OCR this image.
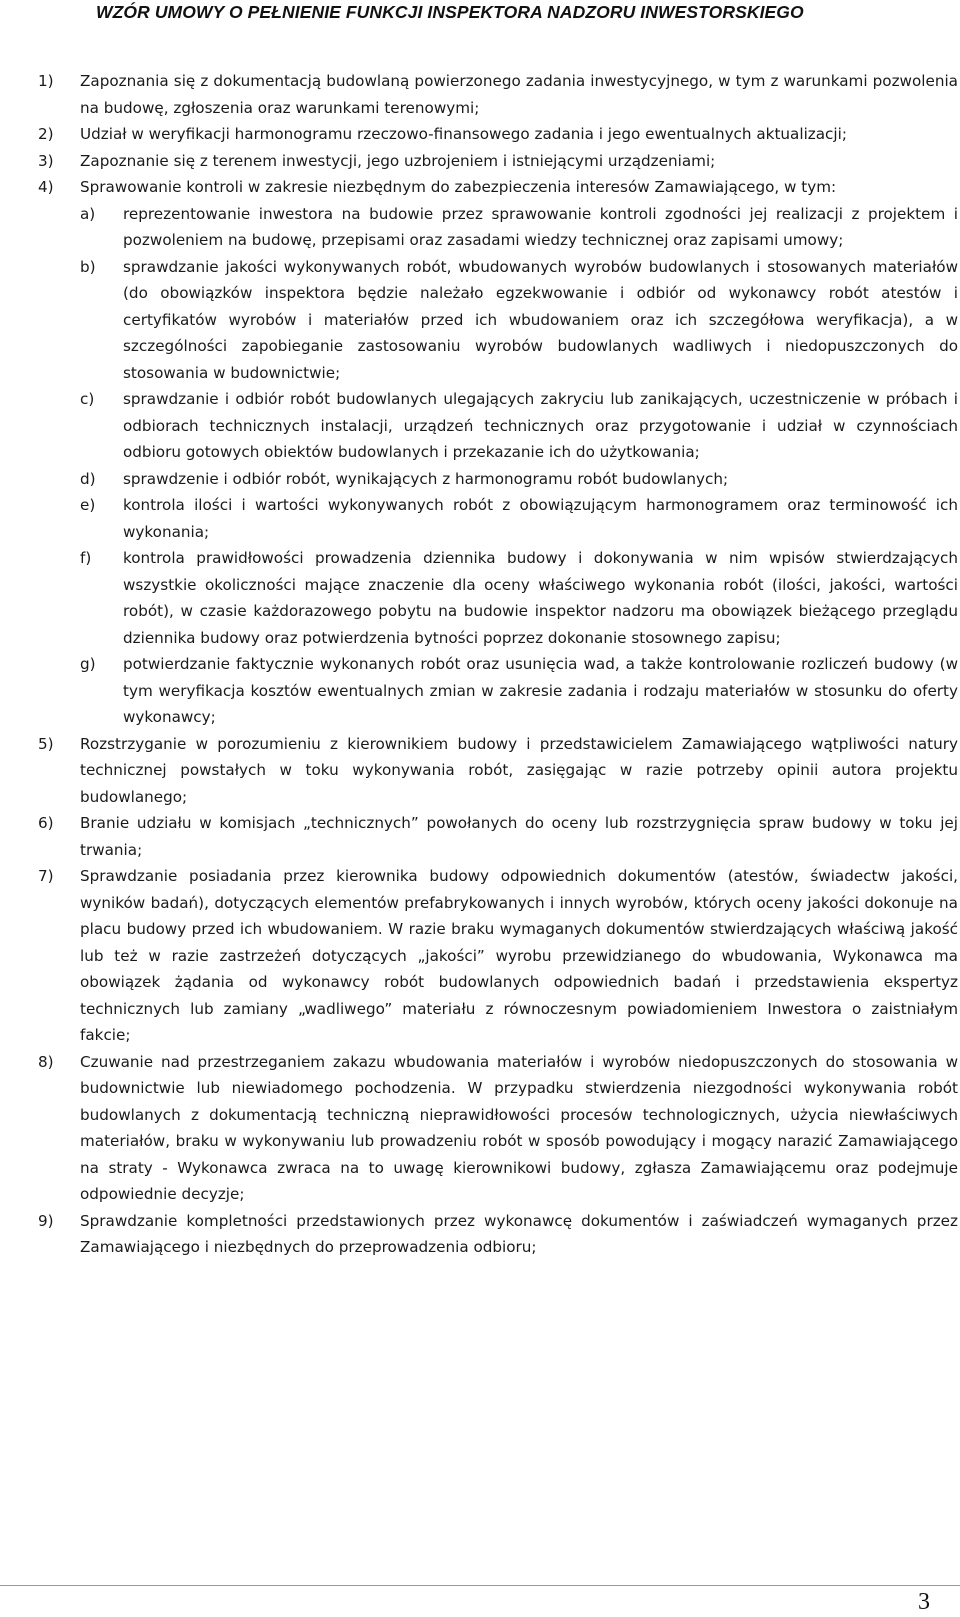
WZÓR UMOWY O PEŁNIENIE FUNKCJI INSPEKTORA NADZORU INWESTORSKIEGO

1) Zapoznania się z dokumentacją budowlaną powierzonego zadania inwestycyjnego, w tym z warunkami pozwolenia na budowę, zgłoszenia oraz warunkami terenowymi;

2) Udział w weryfikacji harmonogramu rzeczowo-finansowego zadania i jego ewentualnych aktualizacji;

3) Zapoznanie się z terenem inwestycji, jego uzbrojeniem i istniejącymi urządzeniami;

4) Sprawowanie kontroli w zakresie niezbędnym do zabezpieczenia interesów Zamawiającego, w tym:

a) reprezentowanie inwestora na budowie przez sprawowanie kontroli zgodności jej realizacji z projektem i pozwoleniem na budowę, przepisami oraz zasadami wiedzy technicznej oraz zapisami umowy;

b) sprawdzanie jakości wykonywanych robót, wbudowanych wyrobów budowlanych i stosowanych materiałów (do obowiązków inspektora będzie należało egzekwowanie i odbiór od wykonawcy robót atestów i certyfikatów wyrobów i materiałów przed ich wbudowaniem oraz ich szczegółowa weryfikacja), a w szczególności zapobieganie zastosowaniu wyrobów budowlanych wadliwych i niedopuszczonych do stosowania w budownictwie;

c) sprawdzanie i odbiór robót budowlanych ulegających zakryciu lub zanikających, uczestniczenie w próbach i odbiorach technicznych instalacji, urządzeń technicznych oraz przygotowanie i udział w czynnościach odbioru gotowych obiektów budowlanych i przekazanie ich do użytkowania;

d) sprawdzenie i odbiór robót, wynikających z harmonogramu robót budowlanych;

e) kontrola ilości i wartości wykonywanych robót z obowiązującym harmonogramem oraz terminowość ich wykonania;

f) kontrola prawidłowości prowadzenia dziennika budowy i dokonywania w nim wpisów stwierdzających wszystkie okoliczności mające znaczenie dla oceny właściwego wykonania robót (ilości, jakości, wartości robót), w czasie każdorazowego pobytu na budowie inspektor nadzoru ma obowiązek bieżącego przeglądu dziennika budowy oraz potwierdzenia bytności poprzez dokonanie stosownego zapisu;

g) potwierdzanie faktycznie wykonanych robót oraz usunięcia wad, a także kontrolowanie rozliczeń budowy (w tym weryfikacja kosztów ewentualnych zmian w zakresie zadania i rodzaju materiałów w stosunku do oferty wykonawcy;

5) Rozstrzyganie w porozumieniu z kierownikiem budowy i przedstawicielem Zamawiającego wątpliwości natury technicznej powstałych w toku wykonywania robót, zasięgając w razie potrzeby opinii autora projektu budowlanego;

6) Branie udziału w komisjach „technicznych” powołanych do oceny lub rozstrzygnięcia spraw budowy w toku jej trwania;

7) Sprawdzanie posiadania przez kierownika budowy odpowiednich dokumentów (atestów, świadectw jakości, wyników badań), dotyczących elementów prefabrykowanych i innych wyrobów, których oceny jakości dokonuje na placu budowy przed ich wbudowaniem. W razie braku wymaganych dokumentów stwierdzających właściwą jakość lub też w razie zastrzeżeń dotyczących „jakości” wyrobu przewidzianego do wbudowania, Wykonawca ma obowiązek żądania od wykonawcy robót budowlanych odpowiednich badań i przedstawienia ekspertyz technicznych lub zamiany „wadliwego” materiału z równoczesnym powiadomieniem Inwestora o zaistniałym fakcie;

8) Czuwanie nad przestrzeganiem zakazu wbudowania materiałów i wyrobów niedopuszczonych do stosowania w budownictwie lub niewiadomego pochodzenia. W przypadku stwierdzenia niezgodności wykonywania robót budowlanych z dokumentacją techniczną nieprawidłowości procesów technologicznych, użycia niewłaściwych materiałów, braku w wykonywaniu lub prowadzeniu robót w sposób powodujący i mogący narazić Zamawiającego na straty - Wykonawca zwraca na to uwagę kierownikowi budowy, zgłasza Zamawiającemu oraz podejmuje odpowiednie decyzje;

9) Sprawdzanie kompletności przedstawionych przez wykonawcę dokumentów i zaświadczeń wymaganych przez Zamawiającego i niezbędnych do przeprowadzenia odbioru;

3
